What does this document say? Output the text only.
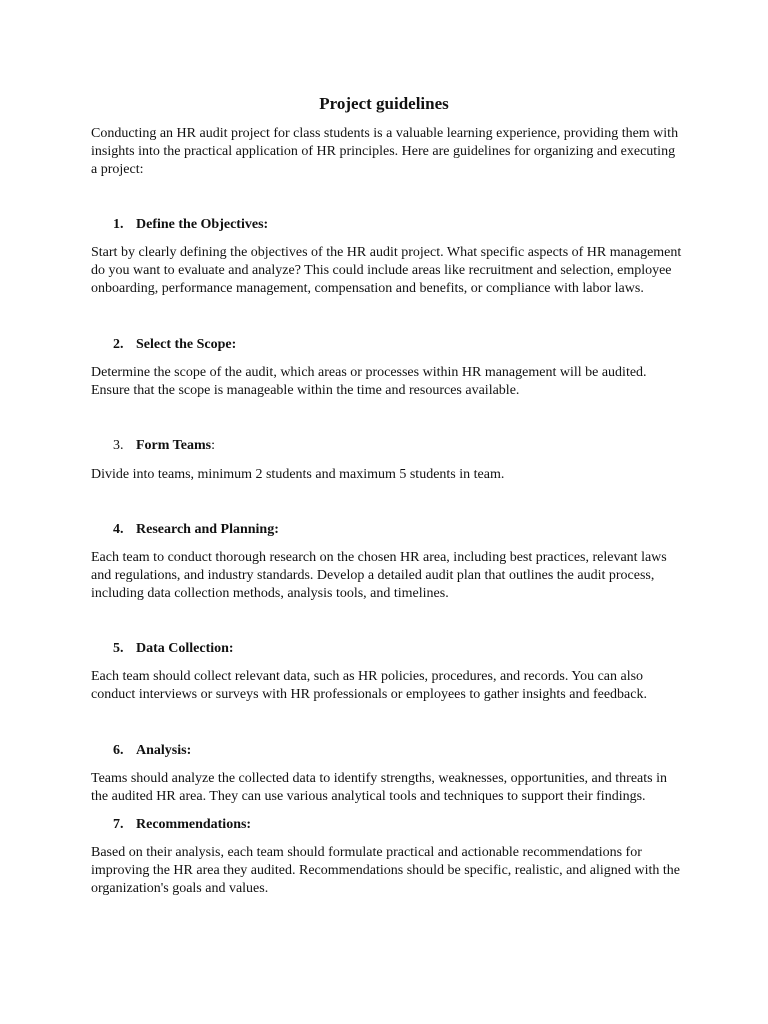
Project guidelines

Conducting an HR audit project for class students is a valuable learning experience, providing them with
insights into the practical application of HR principles. Here are guidelines for organizing and executing
a project:

1. Define the Objectives:

Start by clearly defining the objectives of the HR audit project. What specific aspects of HR management
do you want to evaluate and analyze? This could include areas like recruitment and selection, employee
onboarding, performance management, compensation and benefits, or compliance with labor laws.

2. Select the Scope:

Determine the scope of the audit, which areas or processes within HR management will be audited.
Ensure that the scope is manageable within the time and resources available.

3. Form Teams:

Divide into teams, minimum 2 students and maximum 5 students in team.

4. Research and Planning:

Each team to conduct thorough research on the chosen HR area, including best practices, relevant laws
and regulations, and industry standards. Develop a detailed audit plan that outlines the audit process,
including data collection methods, analysis tools, and timelines.

5. Data Collection:

Each team should collect relevant data, such as HR policies, procedures, and records. You can also
conduct interviews or surveys with HR professionals or employees to gather insights and feedback.

6. Analysis:

Teams should analyze the collected data to identify strengths, weaknesses, opportunities, and threats in
the audited HR area. They can use various analytical tools and techniques to support their findings.

7. Recommendations:

Based on their analysis, each team should formulate practical and actionable recommendations for
improving the HR area they audited. Recommendations should be specific, realistic, and aligned with the
organization's goals and values.
